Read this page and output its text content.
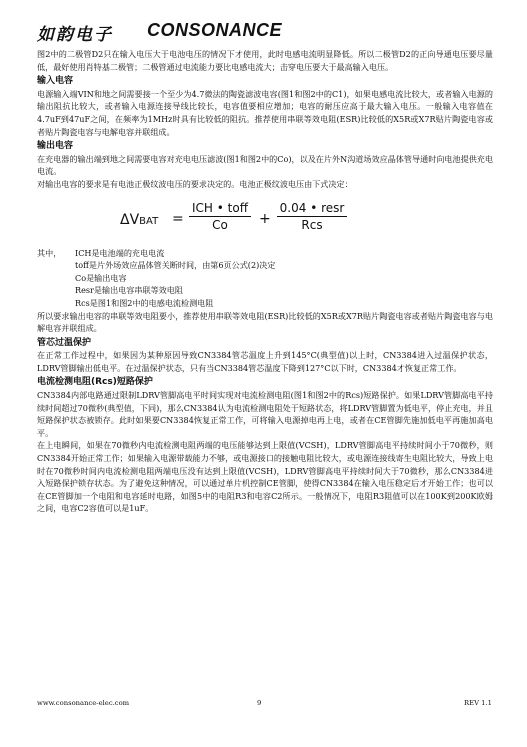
如韵电子 CONSONANCE

图2中的二极管D2只在输入电压大于电池电压的情况下才使用，此时电感电流明显降低。所以二极管D2的正向导通电压要尽量低，最好使用肖特基二极管；二极管通过电流能力要比电感电流大；击穿电压要大于最高输入电压。

输入电容

电源输入端VIN和地之间需要接一个至少为4.7微法的陶瓷滤波电容(图1和图2中的C1)，如果电感电流比较大，或者输入电源的输出阻抗比较大，或者输入电源连接导线比较长，电容值要相应增加；电容的耐压应高于最大输入电压。一般输入电容值在4.7uF到47uF之间，在频率为1MHz时具有比较低的阻抗。推荐使用串联等效电阻(ESR)比较低的X5R或X7R贴片陶瓷电容或者贴片陶瓷电容与电解电容并联组成。

输出电容

在充电器的输出端到地之间需要电容对充电电压滤波(图1和图2中的Co)，以及在片外N沟道场效应晶体管导通时向电池提供充电电流。

对输出电容的要求是有电池正极纹波电压的要求决定的。电池正极纹波电压由下式决定：

ΔVBAT =
ICH • toff
Co	+
0.04 • resr
Rcs
其中，	ICH是电池端的充电电流
toff是片外场效应晶体管关断时间，由第6页公式(2)决定
Co是输出电容
Resr是输出电容串联等效电阻
Rcs是图1和图2中的电感电流检测电阻

所以要求输出电容的串联等效电阻要小，推荐使用串联等效电阻(ESR)比较低的X5R或X7R贴片陶瓷电容或者贴片陶瓷电容与电解电容并联组成。

管芯过温保护

在正常工作过程中，如果因为某种原因导致CN3384管芯温度上升到145°C(典型值)以上时，CN3384进入过温保护状态，LDRV管脚输出低电平。在过温保护状态，只有当CN3384管芯温度下降到127°C以下时，CN3384才恢复正常工作。

电流检测电阻(Rcs)短路保护

CN3384内部电路通过限制LDRV管脚高电平时间实现对电流检测电阻(图1和图2中的Rcs)短路保护。如果LDRV管脚高电平持续时间超过70微秒(典型值，下同)，那么CN3384认为电流检测电阻处于短路状态，将LDRV管脚置为低电平，停止充电，并且短路保护状态被锁存。此时如果要CN3384恢复正常工作，可将输入电源掉电再上电，或者在CE管脚先施加低电平再施加高电平。

在上电瞬间，如果在70微秒内电流检测电阻两端的电压能够达到上限值(VCSH)，LDRV管脚高电平持续时间小于70微秒，则CN3384开始正常工作；如果输入电源带载能力不够，或电源接口的接触电阻比较大，或电源连接线寄生电阻比较大，导致上电时在70微秒时间内电流检测电阻两端电压没有达到上限值(VCSH)，LDRV管脚高电平持续时间大于70微秒，那么CN3384进入短路保护锁存状态。为了避免这种情况，可以通过单片机控制CE管脚，使得CN3384在输入电压稳定后才开始工作；也可以在CE管脚加一个电阻和电容延时电路，如图5中的电阻R3和电容C2所示。一般情况下，电阻R3阻值可以在100K到200K欧姆之间，电容C2容值可以是1uF。

www.consonance-elec.com	9	REV 1.1
